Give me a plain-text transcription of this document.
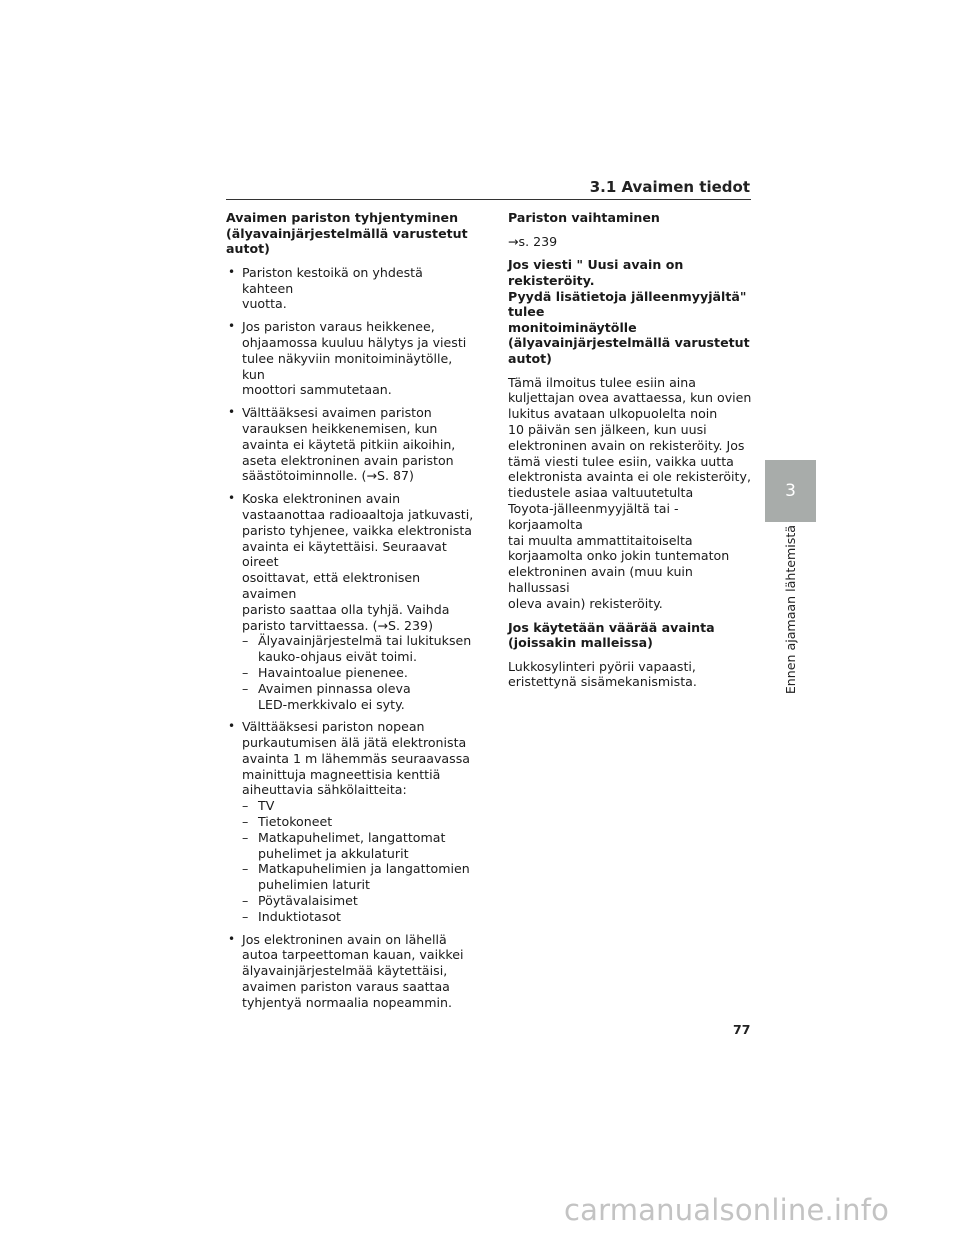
3.1 Avaimen tiedot
Avaimen pariston tyhjentyminen
(älyavainjärjestelmällä varustetut
autot)
• Pariston kestoikä on yhdestä kahteen
vuotta.
• Jos pariston varaus heikkenee,
ohjaamossa kuuluu hälytys ja viesti
tulee näkyviin monitoiminäytölle, kun
moottori sammutetaan.
• Välttääksesi avaimen pariston
varauksen heikkenemisen, kun
avainta ei käytetä pitkiin aikoihin,
aseta elektroninen avain pariston
säästötoiminnolle. (→S. 87)
• Koska elektroninen avain
vastaanottaa radioaaltoja jatkuvasti,
paristo tyhjenee, vaikka elektronista
avainta ei käytettäisi. Seuraavat oireet
osoittavat, että elektronisen avaimen
paristo saattaa olla tyhjä. Vaihda
paristo tarvittaessa. (→S. 239)
– Älyavainjärjestelmä tai lukituksen
kauko-ohjaus eivät toimi.
– Havaintoalue pienenee.
– Avaimen pinnassa oleva
LED-merkkivalo ei syty.
• Välttääksesi pariston nopean
purkautumisen älä jätä elektronista
avainta 1 m lähemmäs seuraavassa
mainittuja magneettisia kenttiä
aiheuttavia sähkölaitteita:
– TV
– Tietokoneet
– Matkapuhelimet, langattomat
puhelimet ja akkulaturit
– Matkapuhelimien ja langattomien
puhelimien laturit
– Pöytävalaisimet
– Induktiotasot
• Jos elektroninen avain on lähellä
autoa tarpeettoman kauan, vaikkei
älyavainjärjestelmää käytettäisi,
avaimen pariston varaus saattaa
tyhjentyä normaalia nopeammin.
Pariston vaihtaminen
→s. 239
Jos viesti " Uusi avain on rekisteröity.
Pyydä lisätietoja jälleenmyyjältä" tulee
monitoiminäytölle
(älyavainjärjestelmällä varustetut
autot)
Tämä ilmoitus tulee esiin aina
kuljettajan ovea avattaessa, kun ovien
lukitus avataan ulkopuolelta noin
10 päivän sen jälkeen, kun uusi
elektroninen avain on rekisteröity. Jos
tämä viesti tulee esiin, vaikka uutta
elektronista avainta ei ole rekisteröity,
tiedustele asiaa valtuutetulta
Toyota-jälleenmyyjältä tai -korjaamolta
tai muulta ammattitaitoiselta
korjaamolta onko jokin tuntematon
elektroninen avain (muu kuin hallussasi
oleva avain) rekisteröity.
Jos käytetään väärää avainta
(joissakin malleissa)
Lukkosylinteri pyörii vapaasti,
eristettynä sisämekanismista.
3
Ennen ajamaan lähtemistä
77
carmanualsonline.info
